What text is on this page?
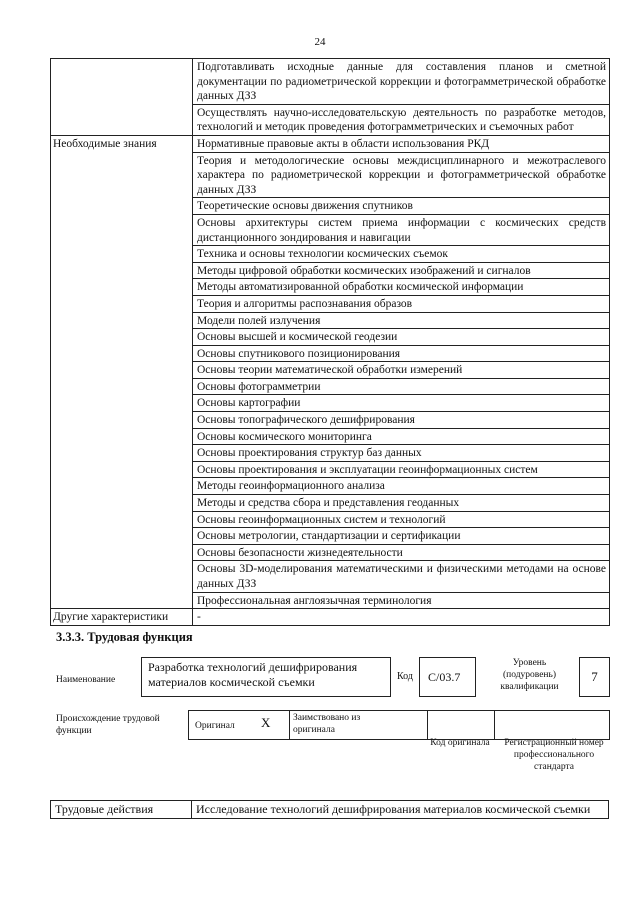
24
	Подготавливать исходные данные для составления планов и сметной документации по радиометрической коррекции и фотограмметрической обработке данных ДЗЗ
	Осуществлять научно-исследовательскую деятельность по разработке методов, технологий и методик проведения фотограмметрических и съемочных работ
Необходимые знания	Нормативные правовые акты в области использования РКД
	Теория и методологические основы междисциплинарного и межотраслевого характера по радиометрической коррекции и фотограмметрической обработке данных ДЗЗ
	Теоретические основы движения спутников
	Основы архитектуры систем приема информации с космических средств дистанционного зондирования и навигации
	Техника и основы технологии космических съемок
	Методы цифровой обработки космических изображений и сигналов
	Методы автоматизированной обработки космической информации
	Теория и алгоритмы распознавания образов
	Модели полей излучения
	Основы высшей и космической геодезии
	Основы спутникового позиционирования
	Основы теории математической обработки измерений
	Основы фотограмметрии
	Основы картографии
	Основы топографического дешифрирования
	Основы космического мониторинга
	Основы проектирования структур баз данных
	Основы проектирования и эксплуатации геоинформационных систем
	Методы геоинформационного анализа
	Методы и средства сбора и представления геоданных
	Основы геоинформационных систем и технологий
	Основы метрологии, стандартизации и сертификации
	Основы безопасности жизнедеятельности
	Основы 3D-моделирования математическими и физическими методами на основе данных ДЗЗ
	Профессиональная англоязычная терминология
Другие характеристики	-
3.3.3. Трудовая функция
Наименование
Разработка технологий дешифрирования материалов космической съемки	Код	С/03.7
Уровень (подуровень) квалификации
7
Происхождение трудовой функции	Оригинал X Заимствовано из оригинала
Код оригинала	Регистрационный номер профессионального стандарта
Трудовые действия	Исследование технологий дешифрирования материалов космической съемки
